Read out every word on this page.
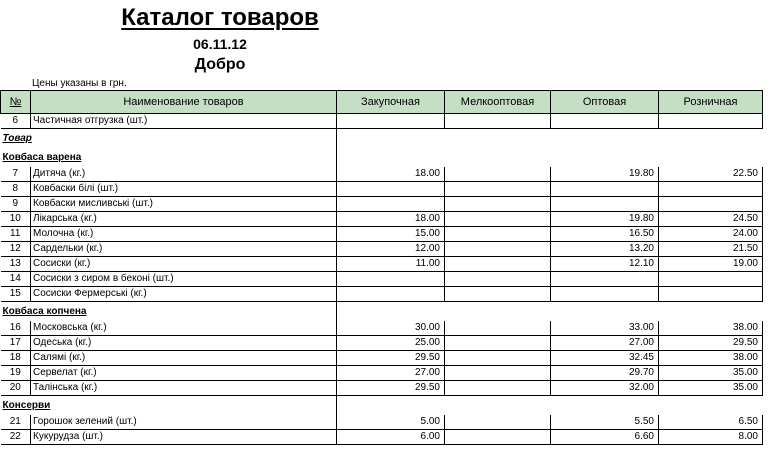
Каталог товаров
06.11.12
Добро
Цены указаны в грн.
№	Наименование товаров	Закупочная	Мелкооптовая	Оптовая	Розничная
6	Частичная отгрузка (шт.)				
Товар					
Ковбаса варена					
7	Дитяча (кг.)	18.00		19.80	22.50
8	Ковбаски білі (шт.)				
9	Ковбаски мисливські (шт.)				
10	Лікарська (кг.)	18.00		19.80	24.50
11	Молочна (кг.)	15.00		16.50	24.00
12	Сардельки (кг.)	12.00		13.20	21.50
13	Сосиски (кг.)	11.00		12.10	19.00
14	Сосиски з сиром в беконі (шт.)				
15	Сосиски Фермерські (кг.)				
Ковбаса копчена					
16	Московська (кг.)	30.00		33.00	38.00
17	Одеська (кг.)	25.00		27.00	29.50
18	Салямі (кг.)	29.50		32.45	38.00
19	Сервелат (кг.)	27.00		29.70	35.00
20	Талінська (кг.)	29.50		32.00	35.00
Консерви					
21	Горошок зелений (шт.)	5.00		5.50	6.50
22	Кукурудза (шт.)	6.00		6.60	8.00
